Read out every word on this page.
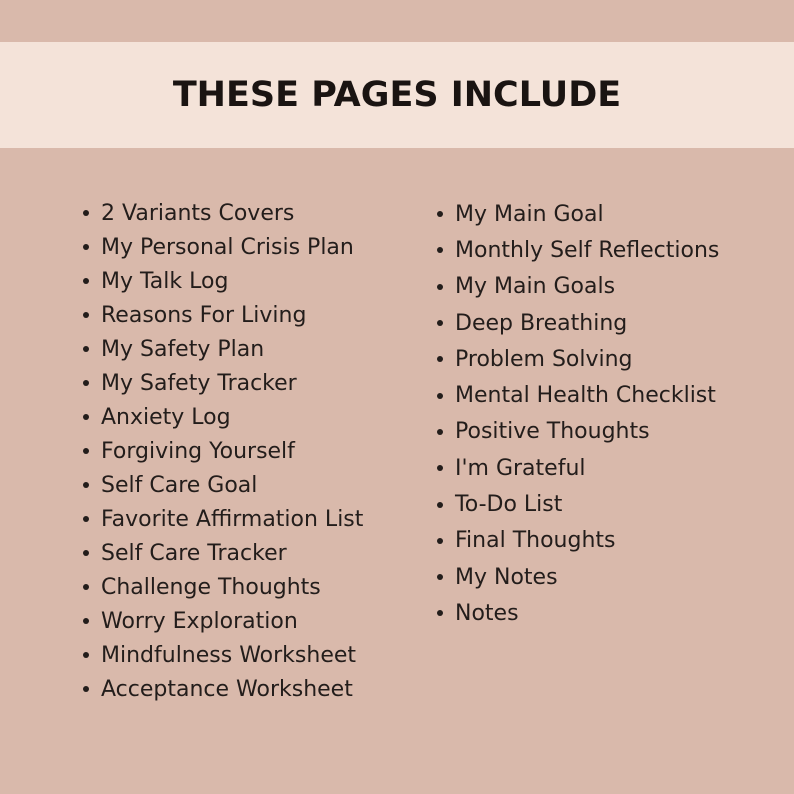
THESE PAGES INCLUDE
2 Variants Covers
My Personal Crisis Plan
My Talk Log
Reasons For Living
My Safety Plan
My Safety Tracker
Anxiety Log
Forgiving Yourself
Self Care Goal
Favorite Affirmation List
Self Care Tracker
Challenge Thoughts
Worry Exploration
Mindfulness Worksheet
Acceptance Worksheet
My Main Goal
Monthly Self Reflections
My Main Goals
Deep Breathing
Problem Solving
Mental Health Checklist
Positive Thoughts
I'm Grateful
To-Do List
Final Thoughts
My Notes
Notes
